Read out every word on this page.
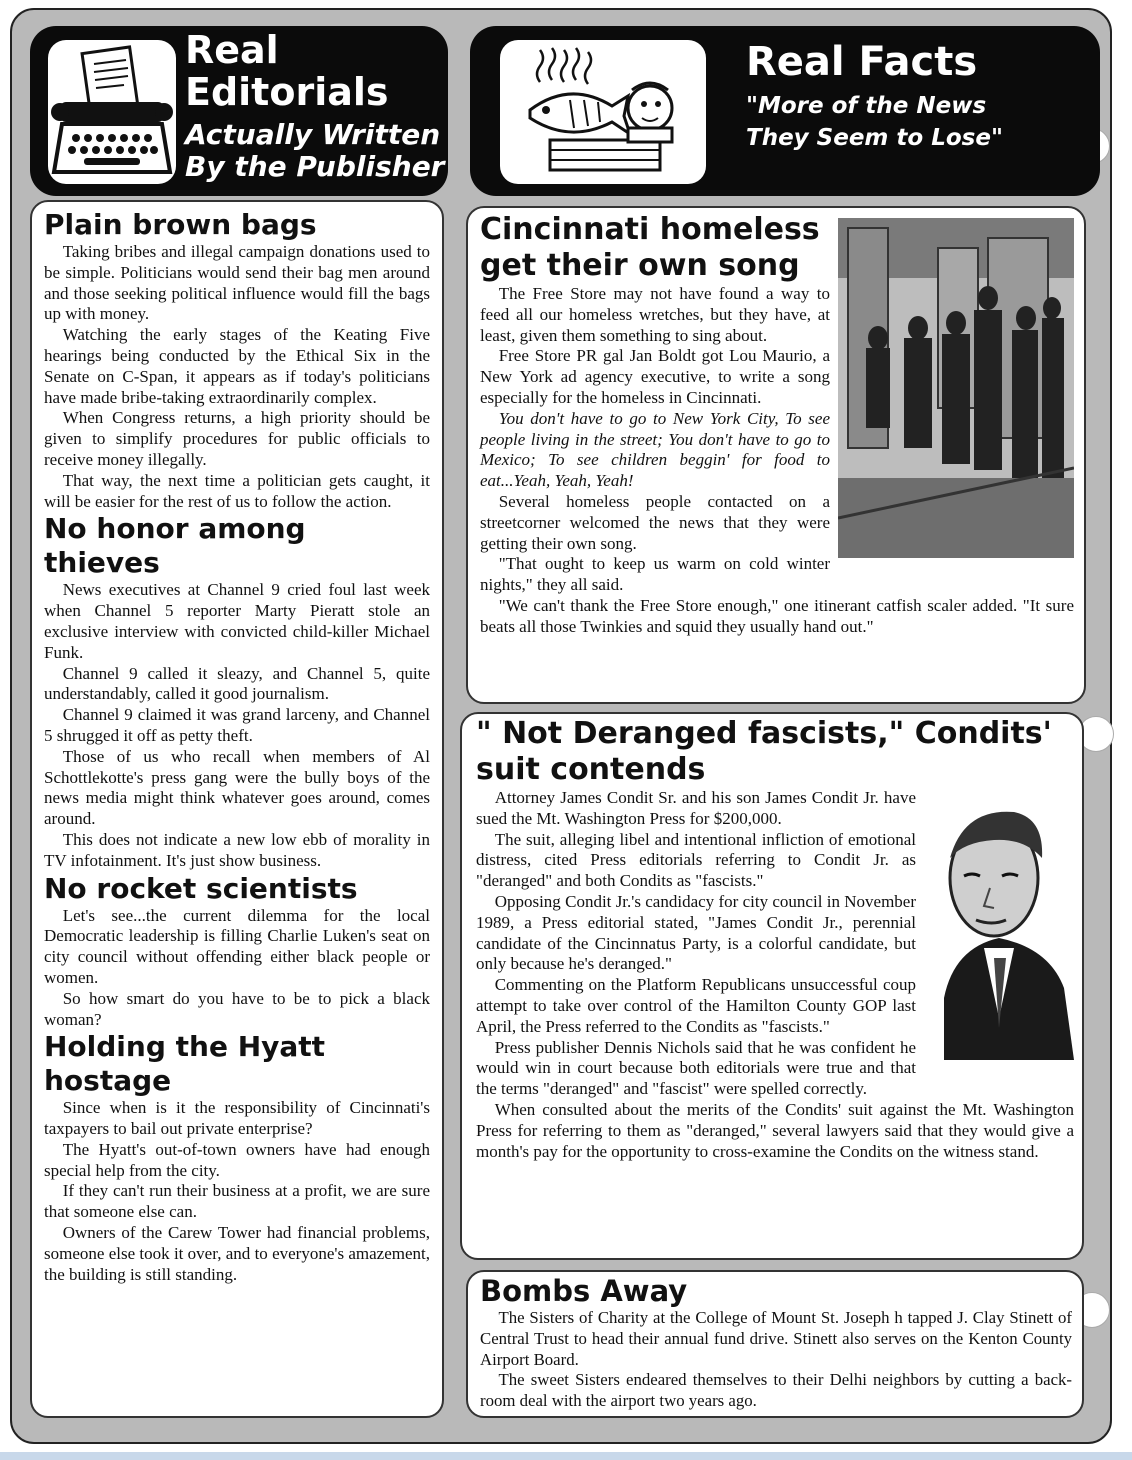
Real
Editorials
Actually Written
By the Publisher
Real Facts
"More of the News
They Seem to Lose"
Plain brown bags

Taking bribes and illegal campaign donations used to be simple. Politicians would send their bag men around and those seeking political influence would fill the bags up with money.

Watching the early stages of the Keating Five hearings being conducted by the Ethical Six in the Senate on C-Span, it appears as if today's politicians have made bribe-taking extraordinarily complex.

When Congress returns, a high priority should be given to simplify procedures for public officials to receive money illegally.

That way, the next time a politician gets caught, it will be easier for the rest of us to follow the action.

No honor among thieves

News executives at Channel 9 cried foul last week when Channel 5 reporter Marty Pieratt stole an exclusive interview with convicted child-killer Michael Funk.

Channel 9 called it sleazy, and Channel 5, quite understandably, called it good journalism.

Channel 9 claimed it was grand larceny, and Channel 5 shrugged it off as petty theft.

Those of us who recall when members of Al Schottlekotte's press gang were the bully boys of the news media might think whatever goes around, comes around.

This does not indicate a new low ebb of morality in TV infotainment. It's just show business.

No rocket scientists

Let's see...the current dilemma for the local Democratic leadership is filling Charlie Luken's seat on city council without offending either black people or women.

So how smart do you have to be to pick a black woman?

Holding the Hyatt hostage

Since when is it the responsibility of Cincinnati's taxpayers to bail out private enterprise?

The Hyatt's out-of-town owners have had enough special help from the city.

If they can't run their business at a profit, we are sure that someone else can.

Owners of the Carew Tower had financial problems, someone else took it over, and to everyone's amazement, the building is still standing.

Cincinnati homeless get their own song

The Free Store may not have found a way to feed all our homeless wretches, but they have, at least, given them something to sing about.

Free Store PR gal Jan Boldt got Lou Maurio, a New York ad agency executive, to write a song especially for the homeless in Cincinnati.

You don't have to go to New York City, To see people living in the street; You don't have to go to Mexico; To see children beggin' for food to eat...Yeah, Yeah, Yeah!

Several homeless people contacted on a streetcorner welcomed the news that they were getting their own song.

"That ought to keep us warm on cold winter nights," they all said.

"We can't thank the Free Store enough," one itinerant catfish scaler added. "It sure beats all those Twinkies and squid they usually hand out."

" Not Deranged fascists," Condits' suit contends

Attorney James Condit Sr. and his son James Condit Jr. have sued the Mt. Washington Press for $200,000.

The suit, alleging libel and intentional infliction of emotional distress, cited Press editorials referring to Condit Jr. as "deranged" and both Condits as "fascists."

Opposing Condit Jr.'s candidacy for city council in November 1989, a Press editorial stated, "James Condit Jr., perennial candidate of the Cincinnatus Party, is a colorful candidate, but only because he's deranged."

Commenting on the Platform Republicans unsuccessful coup attempt to take over control of the Hamilton County GOP last April, the Press referred to the Condits as "fascists."

Press publisher Dennis Nichols said that he was confident he would win in court because both editorials were true and that the terms "deranged" and "fascist" were spelled correctly.

When consulted about the merits of the Condits' suit against the Mt. Washington Press for referring to them as "deranged," several lawyers said that they would give a month's pay for the opportunity to cross-examine the Condits on the witness stand.

Bombs Away

The Sisters of Charity at the College of Mount St. Joseph h tapped J. Clay Stinett of Central Trust to head their annual fund drive. Stinett also serves on the Kenton County Airport Board.

The sweet Sisters endeared themselves to their Delhi neighbors by cutting a back-room deal with the airport two years ago.
